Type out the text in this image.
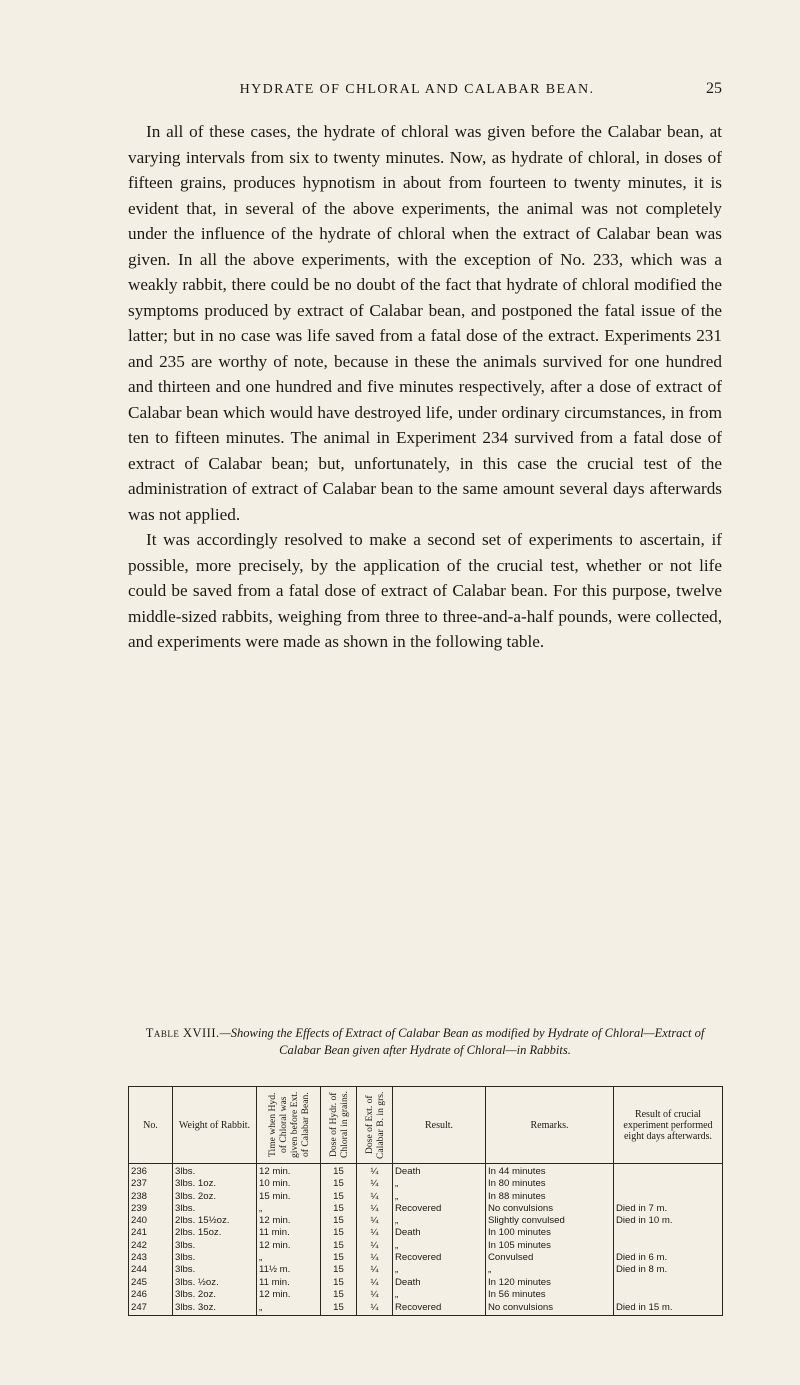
HYDRATE OF CHLORAL AND CALABAR BEAN.	25

In all of these cases, the hydrate of chloral was given before the Calabar bean, at varying intervals from six to twenty minutes. Now, as hydrate of chloral, in doses of fifteen grains, produces hypnotism in about from fourteen to twenty minutes, it is evident that, in several of the above experiments, the animal was not completely under the influence of the hydrate of chloral when the extract of Calabar bean was given. In all the above experiments, with the exception of No. 233, which was a weakly rabbit, there could be no doubt of the fact that hydrate of chloral modified the symptoms produced by extract of Calabar bean, and postponed the fatal issue of the latter; but in no case was life saved from a fatal dose of the extract. Experiments 231 and 235 are worthy of note, because in these the animals survived for one hundred and thirteen and one hundred and five minutes respectively, after a dose of extract of Calabar bean which would have destroyed life, under ordinary circumstances, in from ten to fifteen minutes. The animal in Experiment 234 survived from a fatal dose of extract of Calabar bean; but, unfortunately, in this case the crucial test of the administration of extract of Calabar bean to the same amount several days afterwards was not applied.

It was accordingly resolved to make a second set of experiments to ascertain, if possible, more precisely, by the application of the crucial test, whether or not life could be saved from a fatal dose of extract of Calabar bean. For this purpose, twelve middle-sized rabbits, weighing from three to three-and-a-half pounds, were collected, and experiments were made as shown in the following table.

Table XVIII.—Showing the Effects of Extract of Calabar Bean as modified by Hydrate of Chloral—Extract of Calabar Bean given after Hydrate of Chloral—in Rabbits.
No.	Weight of Rabbit.	Time when Hyd. of Chloral was given before Ext. of Calabar Bean.	Dose of Hydr. of Chloral in grains.	Dose of Ext. of Calabar B. in grs.	Result.	Remarks.	Result of crucial experiment performed eight days afterwards.
236	3lbs.	12 min.	15	¼	Death	In 44 minutes	
237	3lbs. 1oz.	10 min.	15	¼	„	In 80 minutes	
238	3lbs. 2oz.	15 min.	15	¼	„	In 88 minutes	
239	3lbs.	„	15	¼	Recovered	No convulsions	Died in 7 m.
240	2lbs. 15½oz.	12 min.	15	¼	„	Slightly convulsed	Died in 10 m.
241	2lbs. 15oz.	11 min.	15	¼	Death	In 100 minutes	
242	3lbs.	12 min.	15	¼	„	In 105 minutes	
243	3lbs.	„	15	¼	Recovered	Convulsed	Died in 6 m.
244	3lbs.	11½ m.	15	¼	„	„	Died in 8 m.
245	3lbs. ½oz.	11 min.	15	¼	Death	In 120 minutes	
246	3lbs. 2oz.	12 min.	15	¼	„	In 56 minutes	
247	3lbs. 3oz.	„	15	¼	Recovered	No convulsions	Died in 15 m.
